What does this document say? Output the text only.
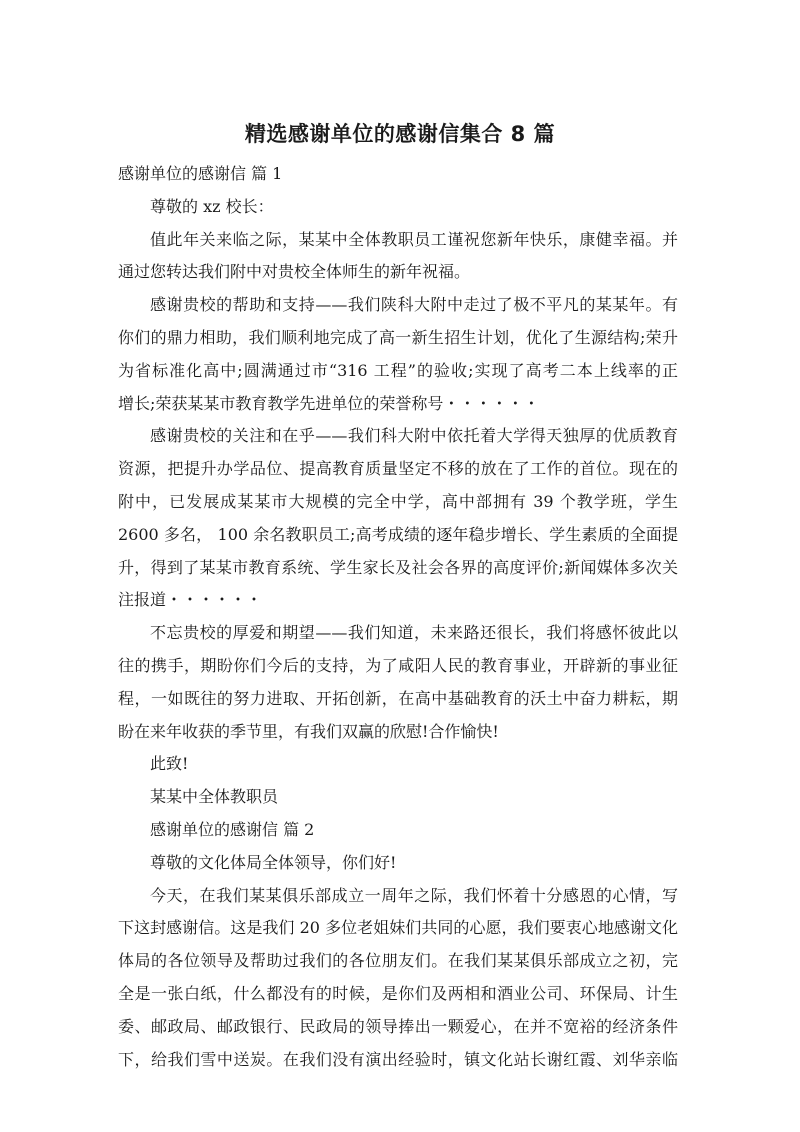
精选感谢单位的感谢信集合 8 篇
感谢单位的感谢信 篇 1
尊敬的 xz 校长：
值此年关来临之际，某某中全体教职员工谨祝您新年快乐，康健幸福。并
通过您转达我们附中对贵校全体师生的新年祝福。
感谢贵校的帮助和支持——我们陕科大附中走过了极不平凡的某某年。有
你们的鼎力相助，我们顺利地完成了高一新生招生计划，优化了生源结构;荣升
为省标准化高中;圆满通过市“316 工程”的验收;实现了高考二本上线率的正
增长;荣获某某市教育教学先进单位的荣誉称号・・・・・・
感谢贵校的关注和在乎——我们科大附中依托着大学得天独厚的优质教育
资源，把提升办学品位、提高教育质量坚定不移的放在了工作的首位。现在的
附中，已发展成某某市大规模的完全中学，高中部拥有 39 个教学班，学生
2600 多名， 100 余名教职员工;高考成绩的逐年稳步增长、学生素质的全面提
升，得到了某某市教育系统、学生家长及社会各界的高度评价;新闻媒体多次关
注报道・・・・・・
不忘贵校的厚爱和期望——我们知道，未来路还很长，我们将感怀彼此以
往的携手，期盼你们今后的支持，为了咸阳人民的教育事业，开辟新的事业征
程，一如既往的努力进取、开拓创新，在高中基础教育的沃土中奋力耕耘，期
盼在来年收获的季节里，有我们双赢的欣慰!合作愉快!
此致!
某某中全体教职员
感谢单位的感谢信 篇 2
尊敬的文化体局全体领导，你们好!
今天，在我们某某俱乐部成立一周年之际，我们怀着十分感恩的心情，写
下这封感谢信。这是我们 20 多位老姐妹们共同的心愿，我们要衷心地感谢文化
体局的各位领导及帮助过我们的各位朋友们。在我们某某俱乐部成立之初，完
全是一张白纸，什么都没有的时候，是你们及两相和酒业公司、环保局、计生
委、邮政局、邮政银行、民政局的领导捧出一颗爱心，在并不宽裕的经济条件
下，给我们雪中送炭。在我们没有演出经验时，镇文化站长谢红霞、刘华亲临
